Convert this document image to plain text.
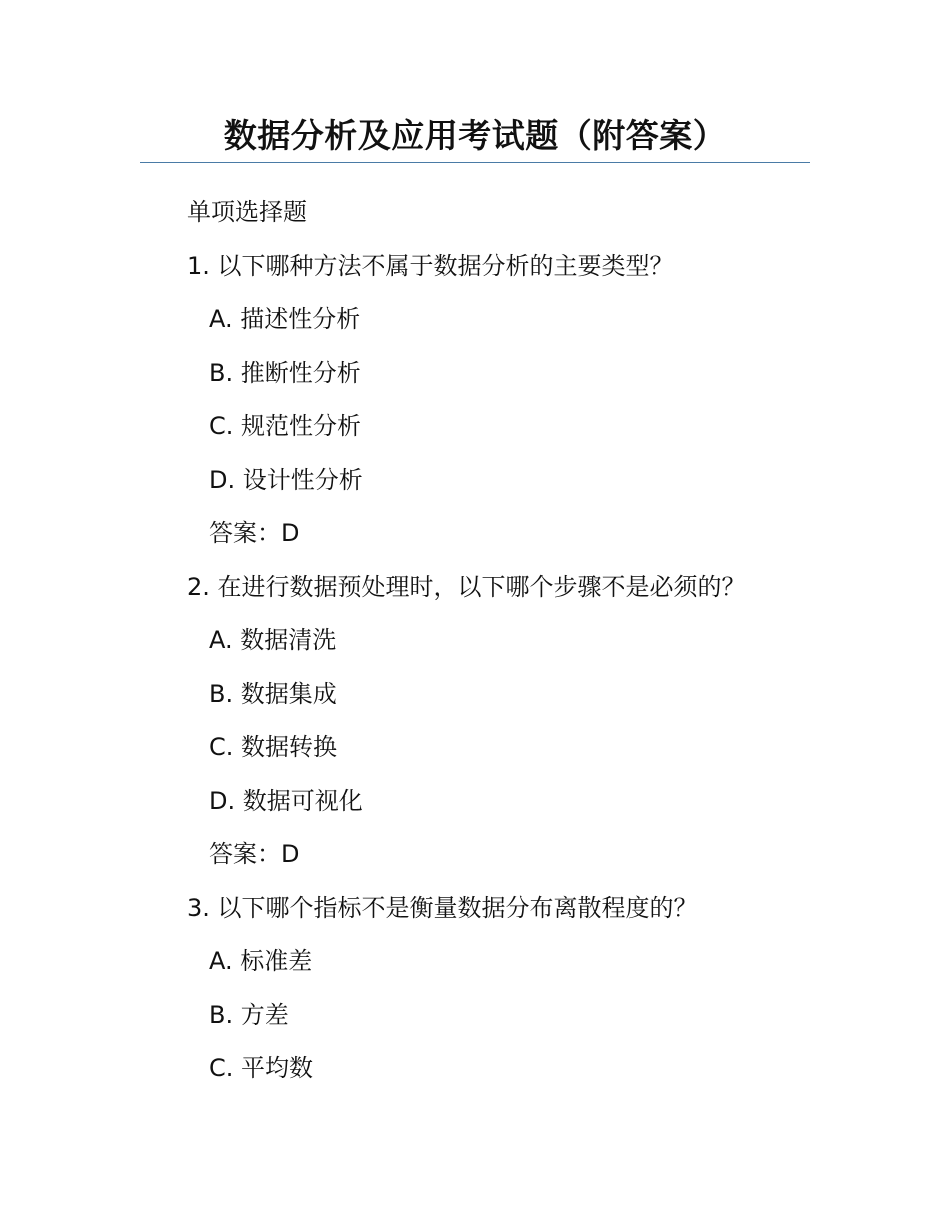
数据分析及应用考试题（附答案）
单项选择题
1. 以下哪种方法不属于数据分析的主要类型？
A. 描述性分析
B. 推断性分析
C. 规范性分析
D. 设计性分析
答案：D
2. 在进行数据预处理时，以下哪个步骤不是必须的？
A. 数据清洗
B. 数据集成
C. 数据转换
D. 数据可视化
答案：D
3. 以下哪个指标不是衡量数据分布离散程度的？
A. 标准差
B. 方差
C. 平均数
